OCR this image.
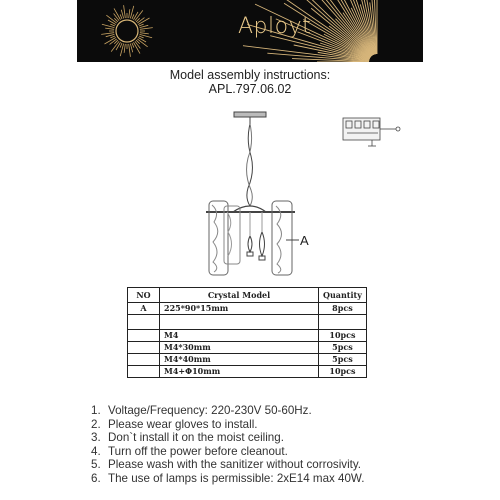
Aployt
Model assembly instructions:
APL.797.06.02
A
NO	Crystal Model	Quantity
A	225*90*15mm	8pcs

	M4	10pcs
	M4*30mm	5pcs
	M4*40mm	5pcs
	M4+Φ10mm	10pcs
1. Voltage/Frequency: 220-230V 50-60Hz.
2. Please wear gloves to install.
3. Don`t install it on the moist ceiling.
4. Turn off the power before cleanout.
5. Please wash with the sanitizer without corrosivity.
6. The use of lamps is permissible: 2xE14 max 40W.
